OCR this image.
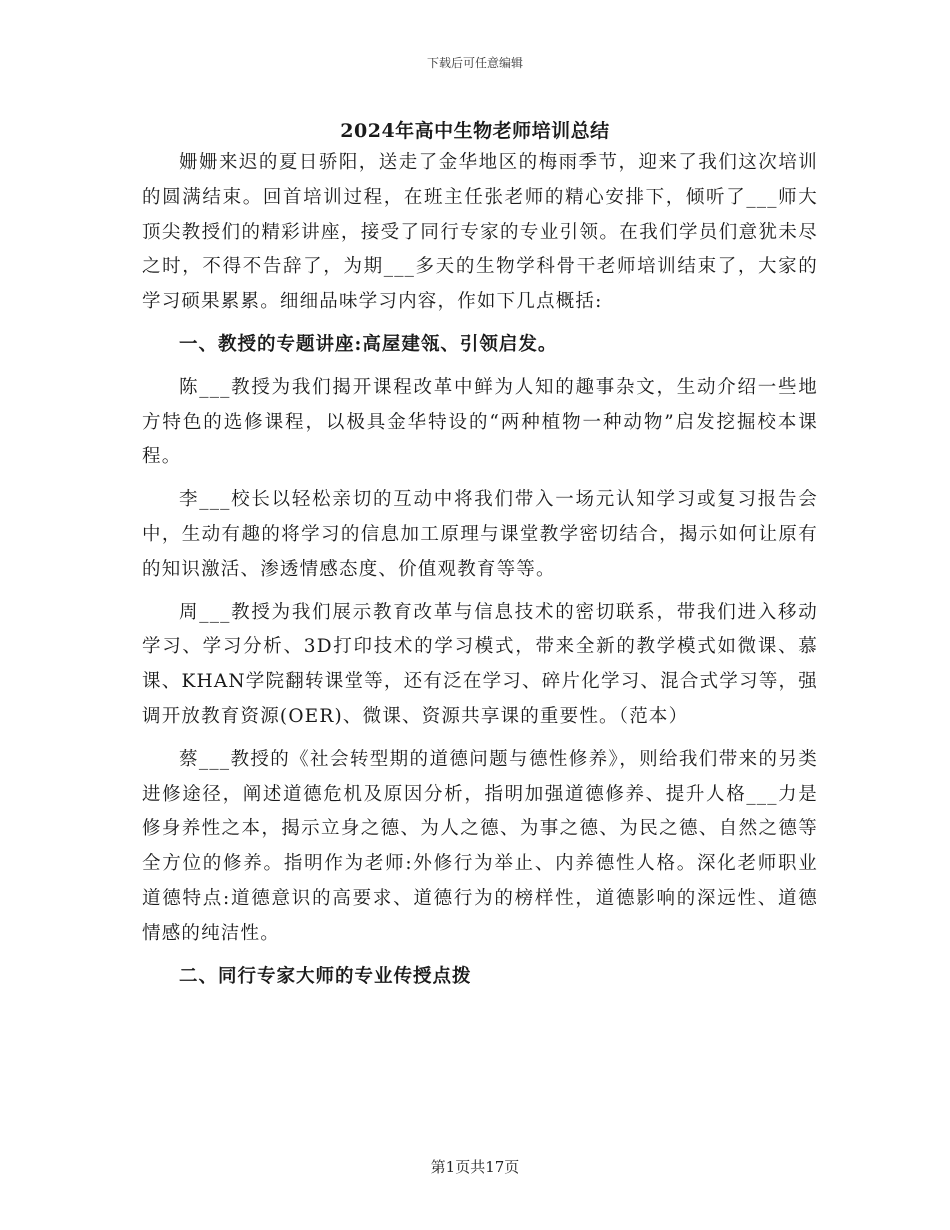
下载后可任意编辑
2024年高中生物老师培训总结

姗姗来迟的夏日骄阳，送走了金华地区的梅雨季节，迎来了我们这次培训的圆满结束。回首培训过程，在班主任张老师的精心安排下，倾听了___师大顶尖教授们的精彩讲座，接受了同行专家的专业引领。在我们学员们意犹未尽之时，不得不告辞了，为期___多天的生物学科骨干老师培训结束了，大家的学习硕果累累。细细品味学习内容，作如下几点概括:

一、教授的专题讲座:高屋建瓴、引领启发。

陈___教授为我们揭开课程改革中鲜为人知的趣事杂文，生动介绍一些地方特色的选修课程，以极具金华特设的“两种植物一种动物”启发挖掘校本课程。

李___校长以轻松亲切的互动中将我们带入一场元认知学习或复习报告会中，生动有趣的将学习的信息加工原理与课堂教学密切结合，揭示如何让原有的知识激活、渗透情感态度、价值观教育等等。

周___教授为我们展示教育改革与信息技术的密切联系，带我们进入移动学习、学习分析、3D打印技术的学习模式，带来全新的教学模式如微课、慕课、KHAN学院翻转课堂等，还有泛在学习、碎片化学习、混合式学习等，强调开放教育资源(OER)、微课、资源共享课的重要性。（范本）

蔡___教授的《社会转型期的道德问题与德性修养》，则给我们带来的另类进修途径，阐述道德危机及原因分析，指明加强道德修养、提升人格___力是修身养性之本，揭示立身之德、为人之德、为事之德、为民之德、自然之德等全方位的修养。指明作为老师:外修行为举止、内养德性人格。深化老师职业道德特点:道德意识的高要求、道德行为的榜样性，道德影响的深远性、道德情感的纯洁性。

二、同行专家大师的专业传授点拨

第1页共17页
